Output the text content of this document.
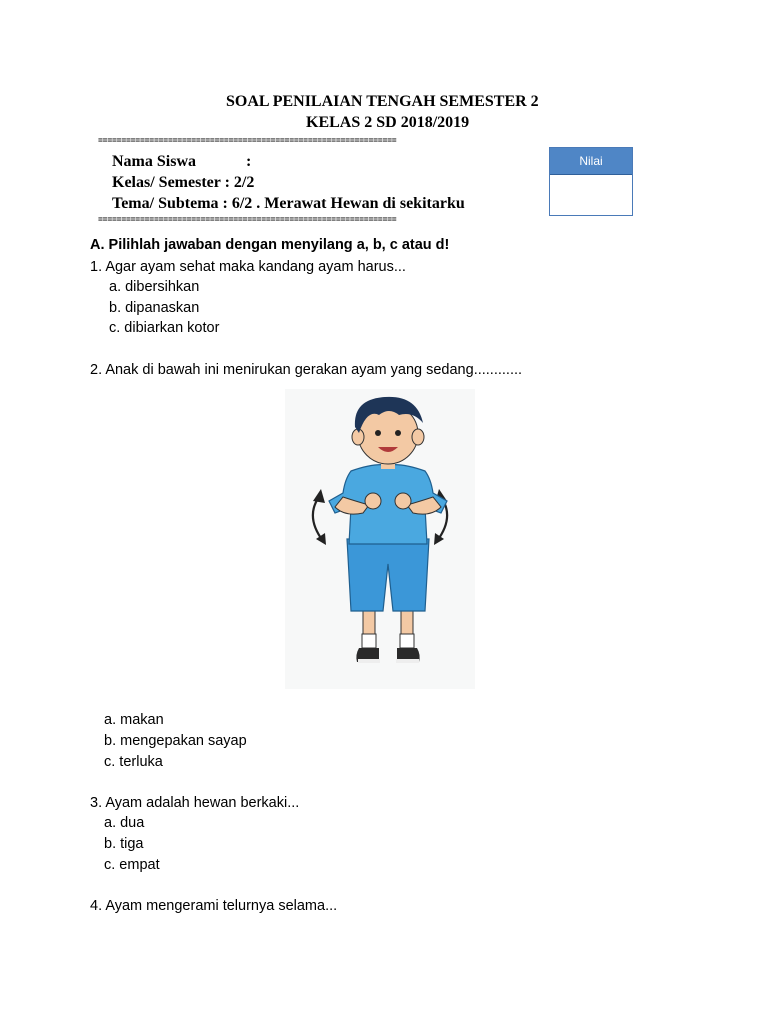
SOAL PENILAIAN TENGAH SEMESTER 2
KELAS 2 SD 2018/2019
================================================================
Nama Siswa	:
Kelas/ Semester : 2/2
Tema/ Subtema : 6/2 . Merawat Hewan di sekitarku
================================================================
Nilai
A. Pilihlah jawaban dengan menyilang a, b, c atau d!
1. Agar ayam sehat maka kandang ayam harus...
a. dibersihkan
b. dipanaskan
c. dibiarkan kotor
2. Anak di bawah ini menirukan gerakan ayam yang sedang............
a. makan
b. mengepakan sayap
c. terluka
3. Ayam adalah hewan berkaki...
a. dua
b. tiga
c. empat
4. Ayam mengerami telurnya selama...
